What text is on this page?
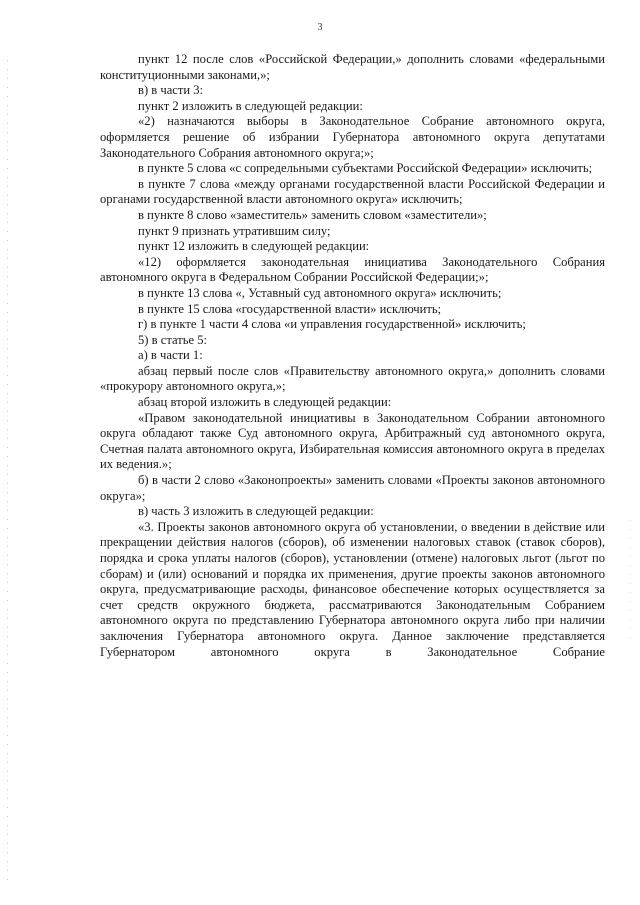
3

пункт 12 после слов «Российской Федерации,» дополнить словами «федеральными конституционными законами,»;

в) в части 3:

пункт 2 изложить в следующей редакции:

«2) назначаются выборы в Законодательное Собрание автономного округа, оформляется решение об избрании Губернатора автономного округа депутатами Законодательного Собрания автономного округа;»;

в пункте 5 слова «с сопредельными субъектами Российской Федерации» исключить;

в пункте 7 слова «между органами государственной власти Российской Федерации и органами государственной власти автономного округа» исключить;

в пункте 8 слово «заместитель» заменить словом «заместители»;

пункт 9 признать утратившим силу;

пункт 12 изложить в следующей редакции:

«12) оформляется законодательная инициатива Законодательного Собрания автономного округа в Федеральном Собрании Российской Федерации;»;

в пункте 13 слова «, Уставный суд автономного округа» исключить;

в пункте 15 слова «государственной власти» исключить;

г) в пункте 1 части 4 слова «и управления государственной» исключить;

5) в статье 5:

а) в части 1:

абзац первый после слов «Правительству автономного округа,» дополнить словами «прокурору автономного округа,»;

абзац второй изложить в следующей редакции:

«Правом законодательной инициативы в Законодательном Собрании автономного округа обладают также Суд автономного округа, Арбитражный суд автономного округа, Счетная палата автономного округа, Избирательная комиссия автономного округа в пределах их ведения.»;

б) в части 2 слово «Законопроекты» заменить словами «Проекты законов автономного округа»;

в) часть 3 изложить в следующей редакции:

«3. Проекты законов автономного округа об установлении, о введении в действие или прекращении действия налогов (сборов), об изменении налоговых ставок (ставок сборов), порядка и срока уплаты налогов (сборов), установлении (отмене) налоговых льгот (льгот по сборам) и (или) оснований и порядка их применения, другие проекты законов автономного округа, предусматривающие расходы, финансовое обеспечение которых осуществляется за счет средств окружного бюджета, рассматриваются Законодательным Собранием автономного округа по представлению Губернатора автономного округа либо при наличии заключения Губернатора автономного округа. Данное заключение представляется Губернатором автономного округа в Законодательное Собрание
